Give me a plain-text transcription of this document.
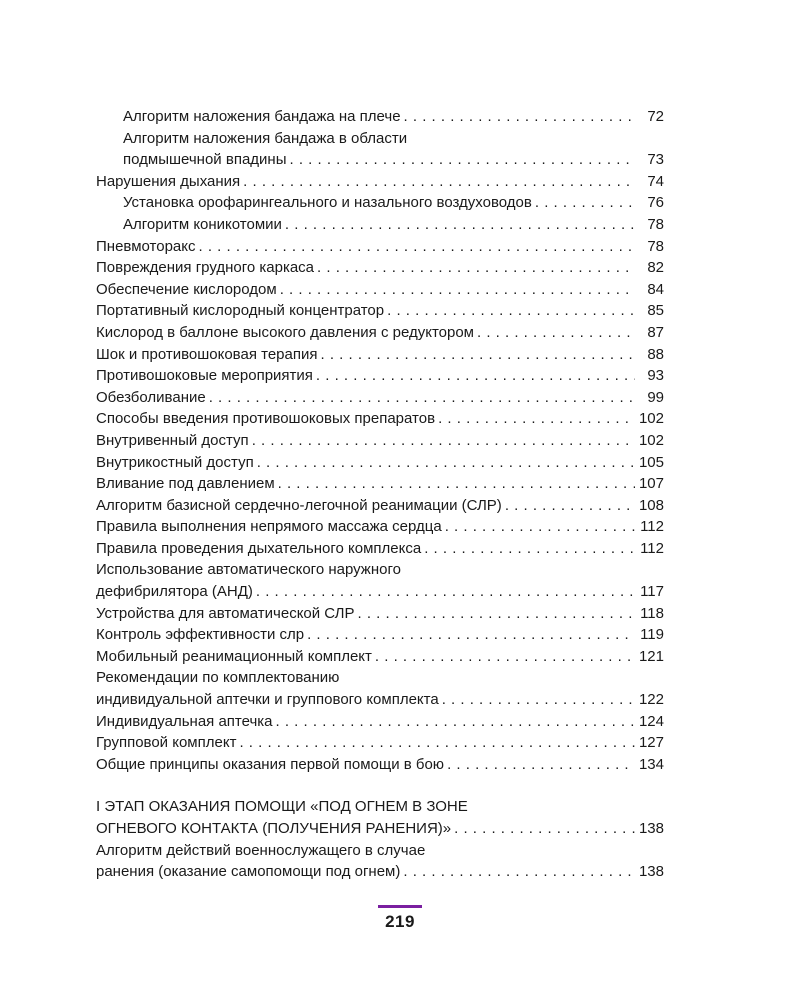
Алгоритм наложения бандажа на плече . . .	72
Алгоритм наложения бандажа в области
подмышечной впадины . . .	73
Нарушения дыхания . . .	74
Установка орофарингеального и назального воздуховодов . . .	76
Алгоритм коникотомии . . .	78
Пневмоторакс . . .	78
Повреждения грудного каркаса . . .	82
Обеспечение кислородом . . .	84
Портативный кислородный концентратор . . .	85
Кислород в баллоне высокого давления с редуктором . . .	87
Шок и противошоковая терапия . . .	88
Противошоковые мероприятия . . .	93
Обезболивание . . .	99
Способы введения противошоковых препаратов . . .	102
Внутривенный доступ . . .	102
Внутрикостный доступ . . .	105
Вливание под давлением . . .	107
Алгоритм базисной сердечно-легочной реанимации (СЛР) . . .	108
Правила выполнения непрямого массажа сердца . . .	112
Правила проведения дыхательного комплекса . . .	112
Использование автоматического наружного
дефибрилятора (АНД) . . .	117
Устройства для автоматической СЛР . . .	118
Контроль эффективности слр . . .	119
Мобильный реанимационный комплект . . .	121
Рекомендации по комплектованию
индивидуальной аптечки и группового комплекта . . .	122
Индивидуальная аптечка . . .	124
Групповой комплект . . .	127
Общие принципы оказания первой помощи в бою . . .	134
I ЭТАП ОКАЗАНИЯ ПОМОЩИ «ПОД ОГНЕМ В ЗОНЕ
ОГНЕВОГО КОНТАКТА (ПОЛУЧЕНИЯ РАНЕНИЯ)» . . .	138
Алгоритм действий военнослужащего в случае
ранения (оказание самопомощи под огнем) . . .	138
219
